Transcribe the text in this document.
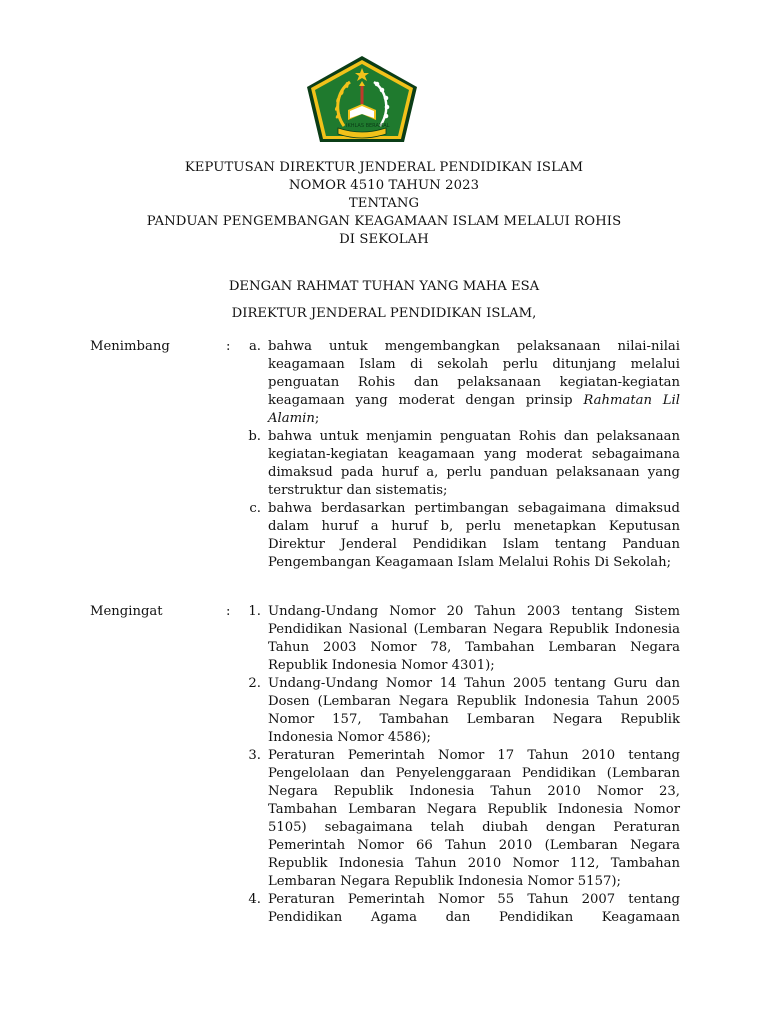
IKHLAS BERAMAL
KEPUTUSAN DIREKTUR JENDERAL PENDIDIKAN ISLAM
NOMOR 4510 TAHUN 2023
TENTANG
PANDUAN PENGEMBANGAN KEAGAMAAN ISLAM MELALUI ROHIS
DI SEKOLAH
DENGAN RAHMAT TUHAN YANG MAHA ESA
DIREKTUR JENDERAL PENDIDIKAN ISLAM,
Menimbang	:	a. bahwa untuk mengembangkan pelaksanaan nilai-nilai keagamaan Islam di sekolah perlu ditunjang melalui penguatan Rohis dan pelaksanaan kegiatan-kegiatan keagamaan yang moderat dengan prinsip Rahmatan Lil Alamin;
b. bahwa untuk menjamin penguatan Rohis dan pelaksanaan kegiatan-kegiatan keagamaan yang moderat sebagaimana dimaksud pada huruf a, perlu panduan pelaksanaan yang terstruktur dan sistematis;
c. bahwa berdasarkan pertimbangan sebagaimana dimaksud dalam huruf a huruf b, perlu menetapkan Keputusan Direktur Jenderal Pendidikan Islam tentang Panduan Pengembangan Keagamaan Islam Melalui Rohis Di Sekolah;
Mengingat	:	1. Undang-Undang Nomor 20 Tahun 2003 tentang Sistem Pendidikan Nasional (Lembaran Negara Republik Indonesia Tahun 2003 Nomor 78, Tambahan Lembaran Negara Republik Indonesia Nomor 4301);
2. Undang-Undang Nomor 14 Tahun 2005 tentang Guru dan Dosen (Lembaran Negara Republik Indonesia Tahun 2005 Nomor 157, Tambahan Lembaran Negara Republik Indonesia Nomor 4586);
3. Peraturan Pemerintah Nomor 17 Tahun 2010 tentang Pengelolaan dan Penyelenggaraan Pendidikan (Lembaran Negara Republik Indonesia Tahun 2010 Nomor 23, Tambahan Lembaran Negara Republik Indonesia Nomor 5105) sebagaimana telah diubah dengan Peraturan Pemerintah Nomor 66 Tahun 2010 (Lembaran Negara Republik Indonesia Tahun 2010 Nomor 112, Tambahan Lembaran Negara Republik Indonesia Nomor 5157);
4. Peraturan Pemerintah Nomor 55 Tahun 2007 tentang Pendidikan Agama dan Pendidikan Keagamaan
